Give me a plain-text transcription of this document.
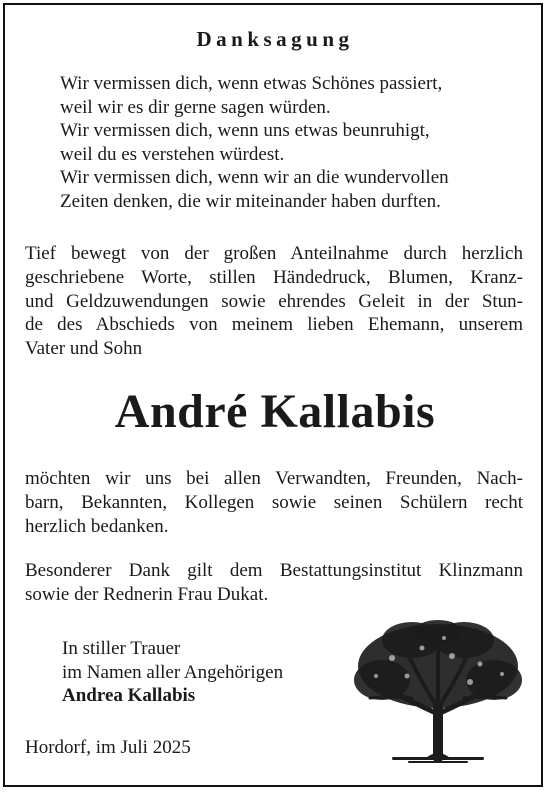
Danksagung
Wir vermissen dich, wenn etwas Schönes passiert,
weil wir es dir gerne sagen würden.
Wir vermissen dich, wenn uns etwas beunruhigt,
weil du es verstehen würdest.
Wir vermissen dich, wenn wir an die wundervollen
Zeiten denken, die wir miteinander haben durften.
Tief bewegt von der großen Anteilnahme durch herzlich
geschriebene Worte, stillen Händedruck, Blumen, Kranz-
und Geldzuwendungen sowie ehrendes Geleit in der Stun-
de des Abschieds von meinem lieben Ehemann, unserem
Vater und Sohn
André Kallabis
möchten wir uns bei allen Verwandten, Freunden, Nach-
barn, Bekannten, Kollegen sowie seinen Schülern recht
herzlich bedanken.
Besonderer Dank gilt dem Bestattungsinstitut Klinzmann
sowie der Rednerin Frau Dukat.
In stiller Trauer
im Namen aller Angehörigen
Andrea Kallabis
Hordorf, im Juli 2025
